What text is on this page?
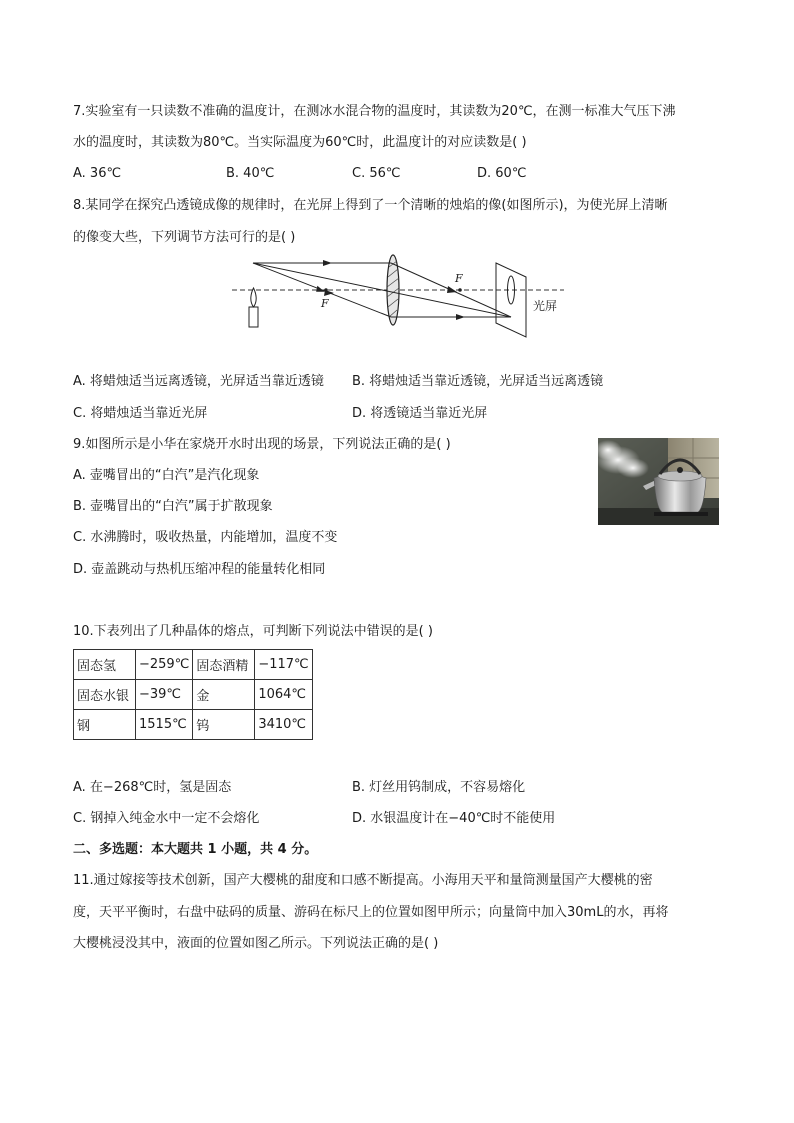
7.实验室有一只读数不准确的温度计，在测冰水混合物的温度时，其读数为20℃，在测一标准大气压下沸
水的温度时，其读数为80℃。当实际温度为60℃时，此温度计的对应读数是( )
A. 36℃	B. 40℃	C. 56℃	D. 60℃
8.某同学在探究凸透镜成像的规律时，在光屏上得到了一个清晰的烛焰的像(如图所示)，为使光屏上清晰
的像变大些，下列调节方法可行的是( )
F
F
光屏
A. 将蜡烛适当远离透镜，光屏适当靠近透镜 B. 将蜡烛适当靠近透镜，光屏适当远离透镜
C. 将蜡烛适当靠近光屏	D. 将透镜适当靠近光屏
9.如图所示是小华在家烧开水时出现的场景，下列说法正确的是( )
A. 壶嘴冒出的“白汽”是汽化现象
B. 壶嘴冒出的“白汽”属于扩散现象
C. 水沸腾时，吸收热量，内能增加，温度不变
D. 壶盖跳动与热机压缩冲程的能量转化相同
10.下表列出了几种晶体的熔点，可判断下列说法中错误的是( )
固态氢	−259℃	固态酒精	−117℃
固态水银	−39℃	金	1064℃
钢	1515℃	钨	3410℃
A. 在−268℃时，氢是固态	B. 灯丝用钨制成，不容易熔化
C. 钢掉入纯金水中一定不会熔化	D. 水银温度计在−40℃时不能使用
二、多选题：本大题共 1 小题，共 4 分。
11.通过嫁接等技术创新，国产大樱桃的甜度和口感不断提高。小海用天平和量筒测量国产大樱桃的密
度，天平平衡时，右盘中砝码的质量、游码在标尺上的位置如图甲所示；向量筒中加入30mL的水，再将
大樱桃浸没其中，液面的位置如图乙所示。下列说法正确的是( )
